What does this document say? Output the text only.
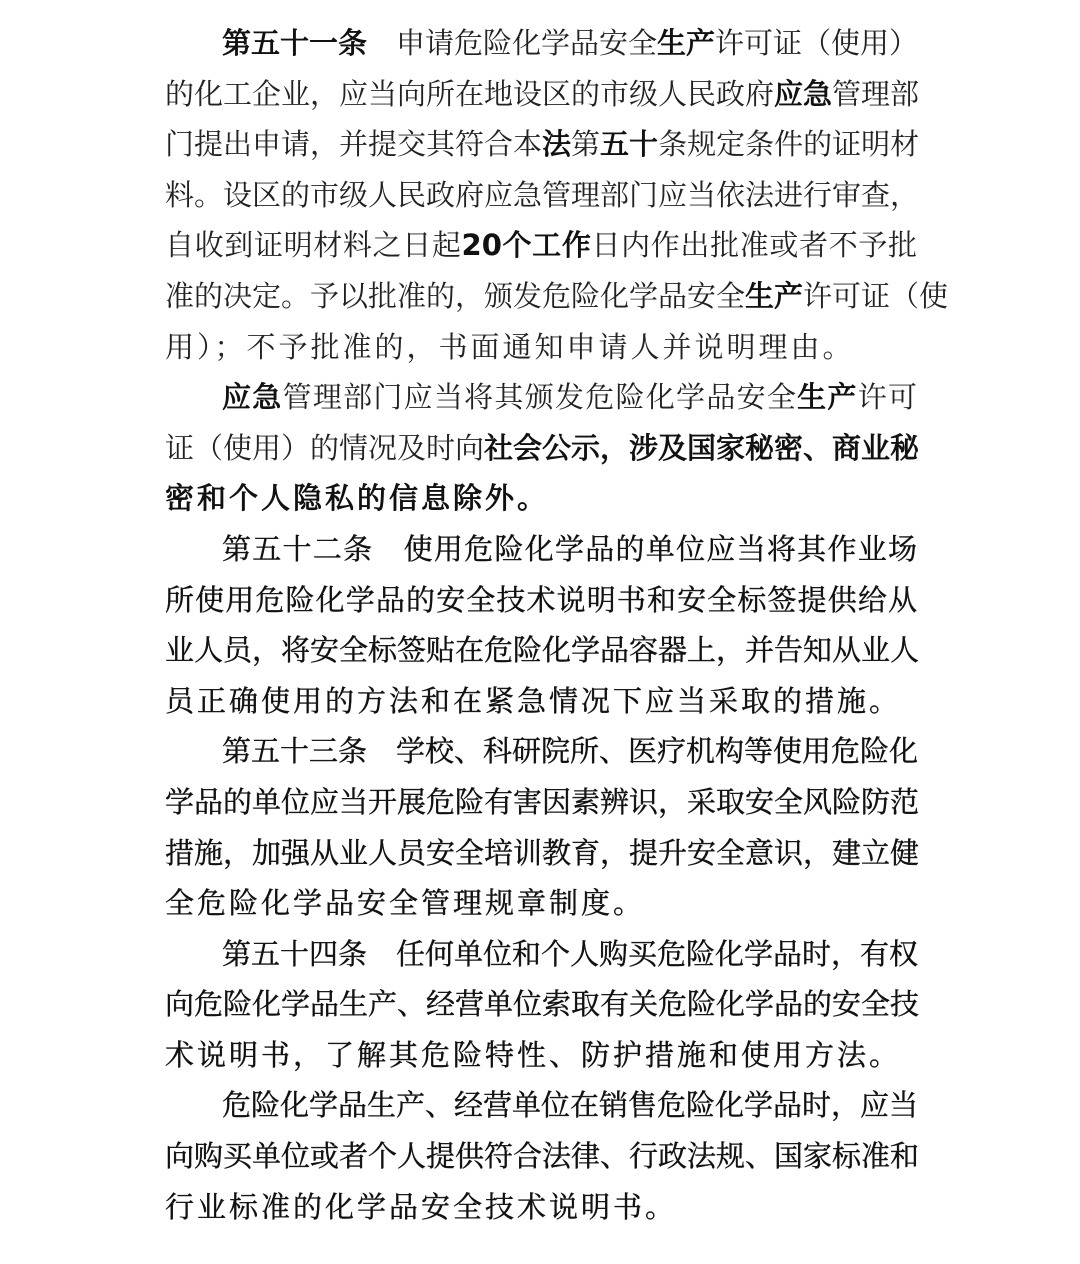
第五十一条　申请危险化学品安全生产许可证（使用）
的化工企业，应当向所在地设区的市级人民政府应急管理部
门提出申请，并提交其符合本法第五十条规定条件的证明材
料。设区的市级人民政府应急管理部门应当依法进行审查，
自收到证明材料之日起20个工作日内作出批准或者不予批
准的决定。予以批准的，颁发危险化学品安全生产许可证（使
用）；不予批准的，书面通知申请人并说明理由。
应急管理部门应当将其颁发危险化学品安全生产许可
证（使用）的情况及时向社会公示，涉及国家秘密、商业秘
密和个人隐私的信息除外。
第五十二条　使用危险化学品的单位应当将其作业场
所使用危险化学品的安全技术说明书和安全标签提供给从
业人员，将安全标签贴在危险化学品容器上，并告知从业人
员正确使用的方法和在紧急情况下应当采取的措施。
第五十三条　学校、科研院所、医疗机构等使用危险化
学品的单位应当开展危险有害因素辨识，采取安全风险防范
措施，加强从业人员安全培训教育，提升安全意识，建立健
全危险化学品安全管理规章制度。
第五十四条　任何单位和个人购买危险化学品时，有权
向危险化学品生产、经营单位索取有关危险化学品的安全技
术说明书，了解其危险特性、防护措施和使用方法。
危险化学品生产、经营单位在销售危险化学品时，应当
向购买单位或者个人提供符合法律、行政法规、国家标准和
行业标准的化学品安全技术说明书。
